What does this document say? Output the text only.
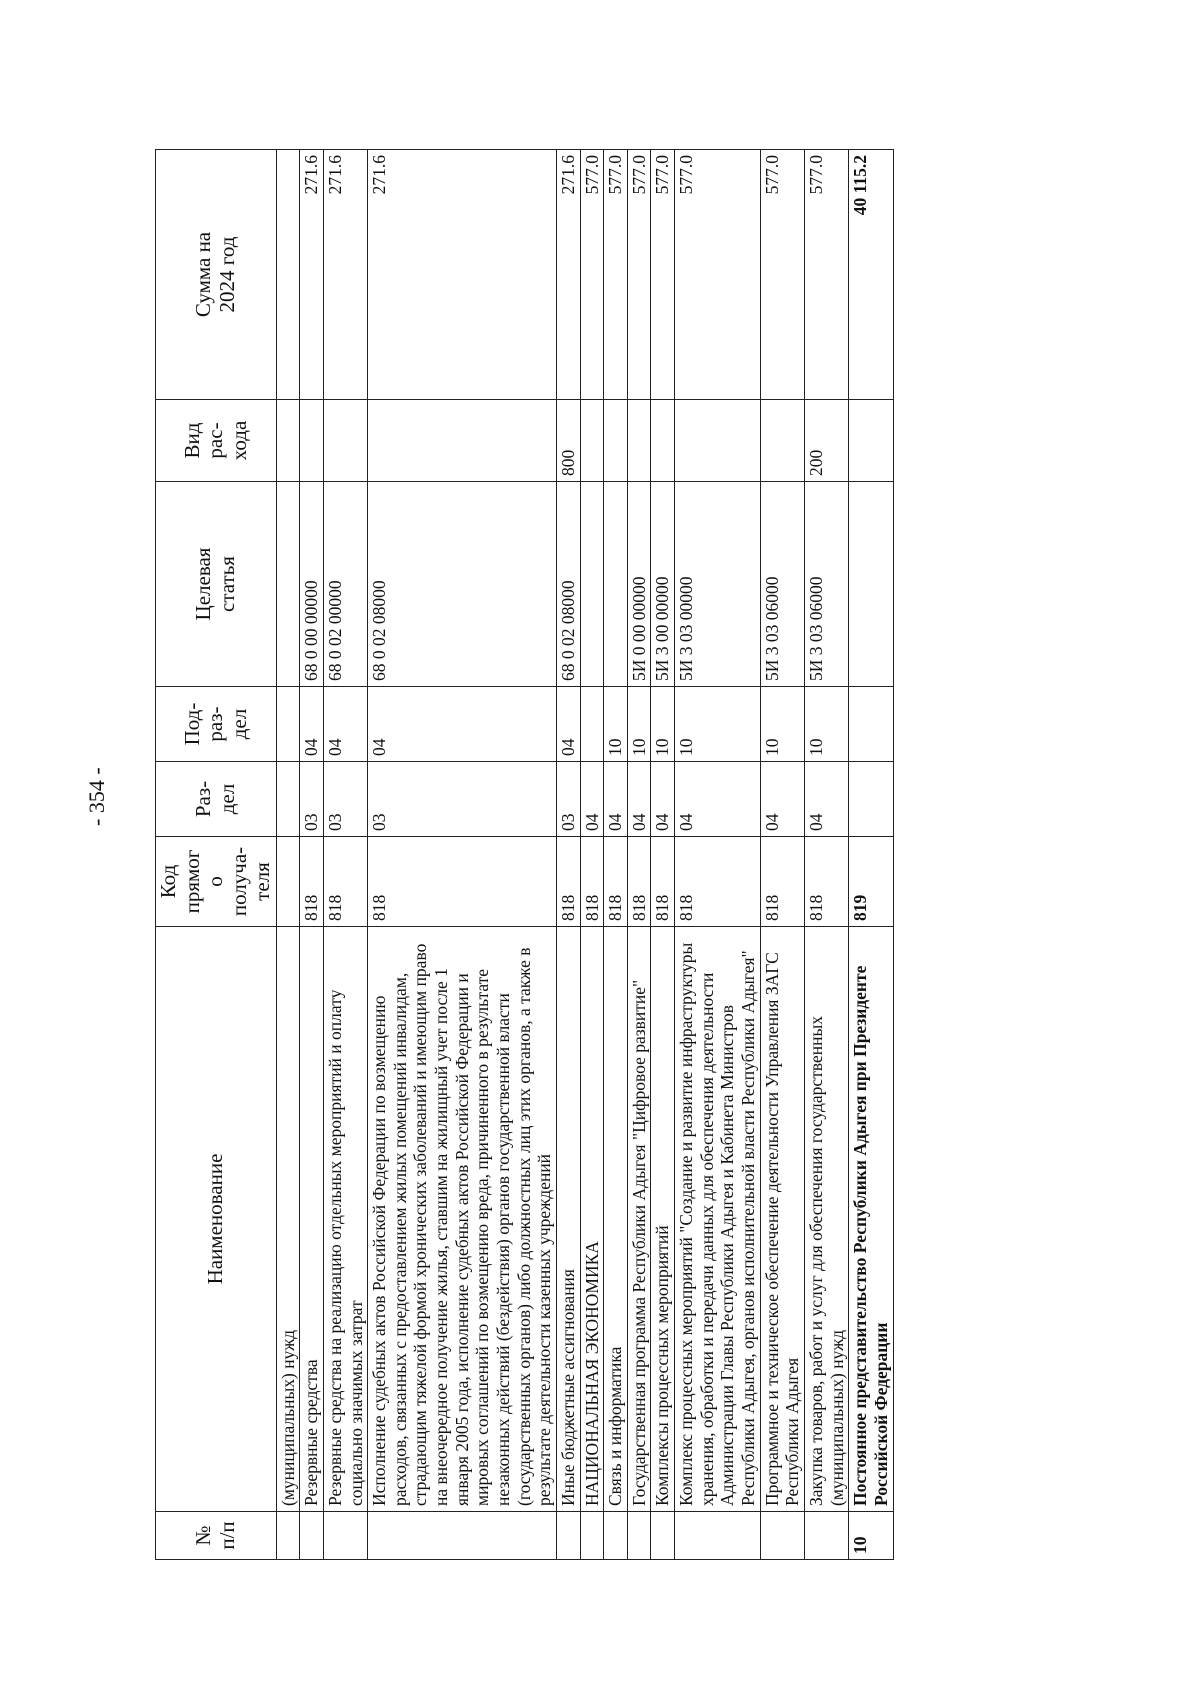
- 354 -
№ п/п	Наименование	Код прямог о получа- теля	Раз- дел	Под- раз- дел	Целевая статья	Вид рас- хода	Сумма на 2024 год

	(муниципальных) нужд						
	Резервные средства	818	03	04	68 0 00 00000		271.6
	Резервные средства на реализацию отдельных мероприятий и оплату социально значимых затрат	818	03	04	68 0 02 00000		271.6
	Исполнение судебных актов Российской Федерации по возмещению расходов, связанных с предоставлением жилых помещений инвалидам, страдающим тяжелой формой хронических заболеваний и имеющим право на внеочередное получение жилья, ставшим на жилищный учет после 1 января 2005 года, исполнение судебных актов Российской Федерации и мировых соглашений по возмещению вреда, причиненного в результате незаконных действий (бездействия) органов государственной власти (государственных органов) либо должностных лиц этих органов, а также в результате деятельности казенных учреждений	818	03	04	68 0 02 08000		271.6
	Иные бюджетные ассигнования	818	03	04	68 0 02 08000	800	271.6
	НАЦИОНАЛЬНАЯ ЭКОНОМИКА	818	04				577.0
	Связь и информатика	818	04	10			577.0
	Государственная программа Республики Адыгея "Цифровое развитие"	818	04	10	5И 0 00 00000		577.0
	Комплексы процессных мероприятий	818	04	10	5И 3 00 00000		577.0
	Комплекс процессных мероприятий "Создание и развитие инфраструктуры хранения, обработки и передачи данных для обеспечения деятельности Администрации Главы Республики Адыгея и Кабинета Министров Республики Адыгея, органов исполнительной власти Республики Адыгея"	818	04	10	5И 3 03 00000		577.0
	Программное и техническое обеспечение деятельности Управления ЗАГС Республики Адыгея	818	04	10	5И 3 03 06000		577.0
	Закупка товаров, работ и услуг для обеспечения государственных (муниципальных) нужд	818	04	10	5И 3 03 06000	200	577.0
10	Постоянное представительство Республики Адыгея при Президенте Российской Федерации	819					40 115.2
